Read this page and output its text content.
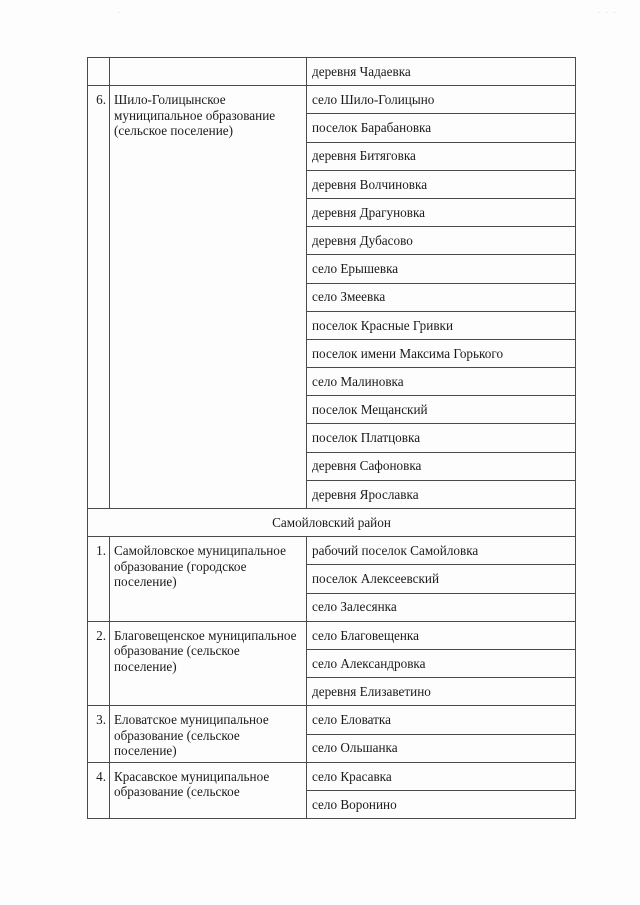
·	· · ·
		деревня Чадаевка
6.	Шило-Голицынское муниципальное образование (сельское поселение)	село Шило-Голицыно
		поселок Барабановка
		деревня Битяговка
		деревня Волчиновка
		деревня Драгуновка
		деревня Дубасово
		село Ерышевка
		село Змеевка
		поселок Красные Гривки
		поселок имени Максима Горького
		село Малиновка
		поселок Мещанский
		поселок Платцовка
		деревня Сафоновка
		деревня Ярославка
Самойловский район		
1.	Самойловское муниципальное образование (городское поселение)	рабочий поселок Самойловка
		поселок Алексеевский
		село Залесянка
2.	Благовещенское муниципальное образование (сельское поселение)	село Благовещенка
		село Александровка
		деревня Елизаветино
3.	Еловатское муниципальное образование (сельское поселение)	село Еловатка
		село Ольшанка
4.	Красавское муниципальное образование (сельское	село Красавка
		село Воронино
